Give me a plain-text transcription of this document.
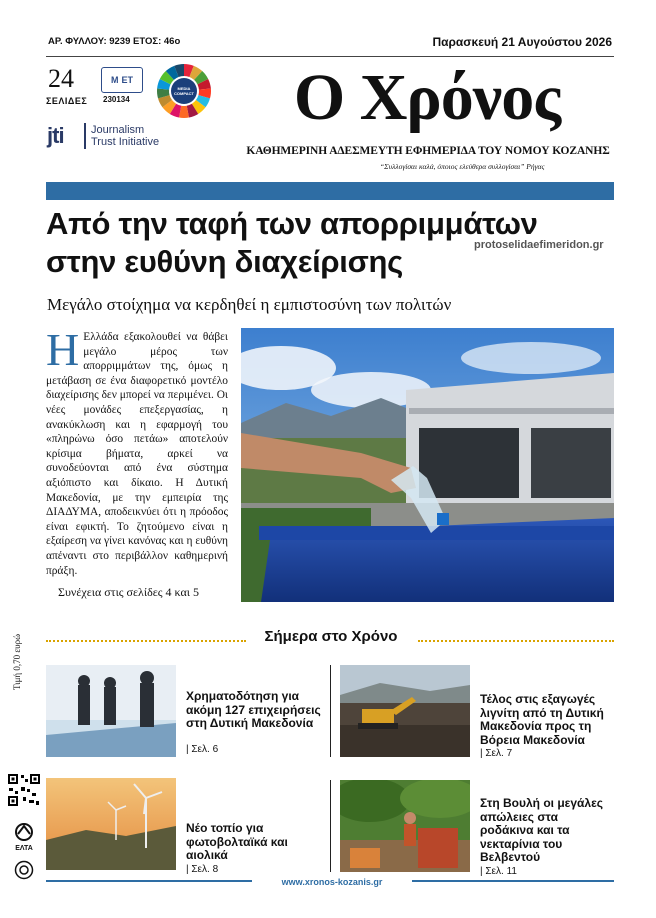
ΑΡ. ΦΥΛΛΟΥ: 9239 ΕΤΟΣ: 46ο	Παρασκευή 21 Αυγούστου 2026
24
ΣΕΛΙΔΕΣ
Μ ΕΤ
230134
MEDIA
COMPACT
jti Journalism
Trust Initiative
Ο Χρόνος
ΚΑΘΗΜΕΡΙΝΗ ΑΔΕΣΜΕΥΤΗ ΕΦΗΜΕΡΙΔΑ ΤΟΥ ΝΟΜΟΥ ΚΟΖΑΝΗΣ
“Συλλογίσαι καλά, όποιος ελεύθερα συλλογίσαι” Ρήγας
Από την ταφή των απορριμμάτων
στην ευθύνη διαχείρισης	protoselidaefimeridon.gr
Μεγάλο στοίχημα να κερδηθεί η εμπιστοσύνη των πολιτών
Η Ελλάδα εξακολουθεί να θάβει μεγάλο μέρος των απορριμμάτων της, όμως η μετάβαση σε ένα διαφορετικό μοντέλο διαχείρισης δεν μπορεί να περιμένει. Οι νέες μονάδες επεξεργασίας, η ανακύκλωση και η εφαρμογή του «πληρώνω όσο πετάω» αποτελούν κρίσιμα βήματα, αρκεί να συνοδεύονται από ένα σύστημα αξιόπιστο και δίκαιο. Η Δυτική Μακεδονία, με την εμπειρία της ΔΙΑΔΥΜΑ, αποδεικνύει ότι η πρόοδος είναι εφικτή. Το ζητούμενο είναι η εξαίρεση να γίνει κανόνας και η ευθύνη απέναντι στο περιβάλλον καθημερινή πράξη.
Συνέχεια στις σελίδες 4 και 5
Σήμερα στο Χρόνο
Χρηματοδότηση για ακόμη 127 επιχειρήσεις στη Δυτική Μακεδονία
| Σελ. 6
Τέλος στις εξαγωγές λιγνίτη από τη Δυτική Μακεδονία προς τη Βόρεια Μακεδονία
| Σελ. 7
Νέο τοπίο για φωτοβολταϊκά και αιολικά
| Σελ. 8
Στη Βουλή οι μεγάλες απώλειες στα ροδάκινα και τα νεκταρίνια του Βελβεντού
| Σελ. 11
Τιμή 0,70 ευρώ
ΕΛΤΑ
www.xronos-kozanis.gr
